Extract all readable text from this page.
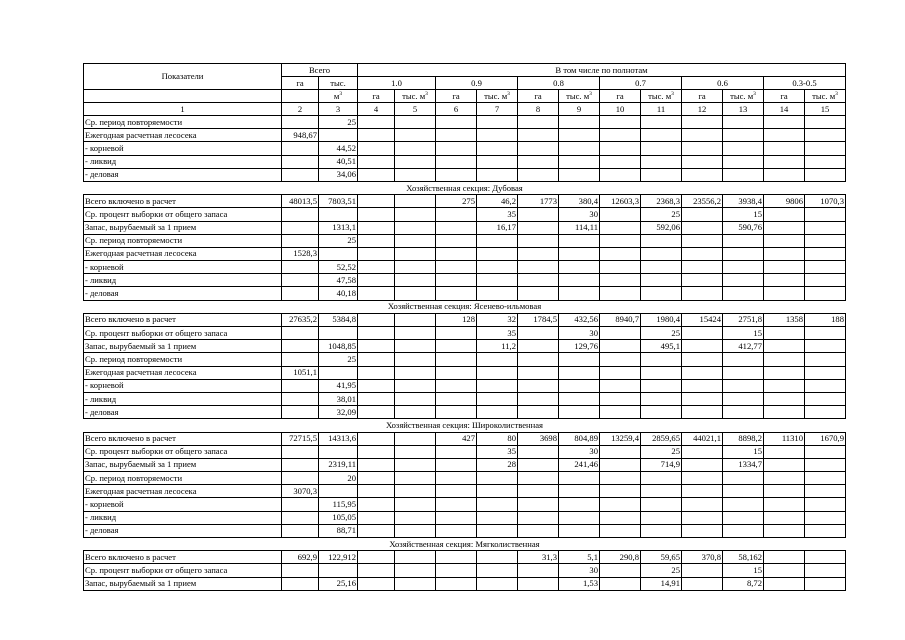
Показатели	Всего		В том числе по полнотам											
	га	тыс.	1.0		0.9		0.8		0.7		0.6		0.3-0.5	
		$м^3$	га	тыс. $м^3$	га	тыс. $м^3$	га	тыс. $м^3$	га	тыс. $м^3$	га	тыс. $м^3$	га	тыс. $м^3$
1	2	3	4	5	6	7	8	9	10	11	12	13	14	15
Ср. период повторяемости		25												
Ежегодная расчетная лесосека	948,67													
- корневой		44,52												
- ликвид		40,51												
- деловая		34,06												
Хозяйственная секция: Дубовая														
Всего включено в расчет	48013,5	7803,51			275	46,2	1773	380,4	12603,3	2368,3	23556,2	3938,4	9806	1070,3
Ср. процент выборки от общего запаса						35		30		25		15		
Запас, вырубаемый за 1 прием		1313,1				16,17		114,11		592,06		590,76		
Ср. период повторяемости		25												
Ежегодная расчетная лесосека	1528,3													
- корневой		52,52												
- ликвид		47,58												
- деловая		40,18												
Хозяйственная секция: Ясенево-ильмовая														
Всего включено в расчет	27635,2	5384,8			128	32	1784,5	432,56	8940,7	1980,4	15424	2751,8	1358	188
Ср. процент выборки от общего запаса						35		30		25		15		
Запас, вырубаемый за 1 прием		1048,85				11,2		129,76		495,1		412,77		
Ср. период повторяемости		25												
Ежегодная расчетная лесосека	1051,1													
- корневой		41,95												
- ликвид		38,01												
- деловая		32,09												
Хозяйственная секция: Широколиственная														
Всего включено в расчет	72715,5	14313,6			427	80	3698	804,89	13259,4	2859,65	44021,1	8898,2	11310	1670,9
Ср. процент выборки от общего запаса						35		30		25		15		
Запас, вырубаемый за 1 прием		2319,11				28		241,46		714,9		1334,7		
Ср. период повторяемости		20												
Ежегодная расчетная лесосека	3070,3													
- корневой		115,95												
- ликвид		105,05												
- деловая		88,71												
Хозяйственная секция: Мягколиственная														
Всего включено в расчет	692,9	122,912					31,3	5,1	290,8	59,65	370,8	58,162		
Ср. процент выборки от общего запаса								30		25		15		
Запас, вырубаемый за 1 прием		25,16						1,53		14,91		8,72		
